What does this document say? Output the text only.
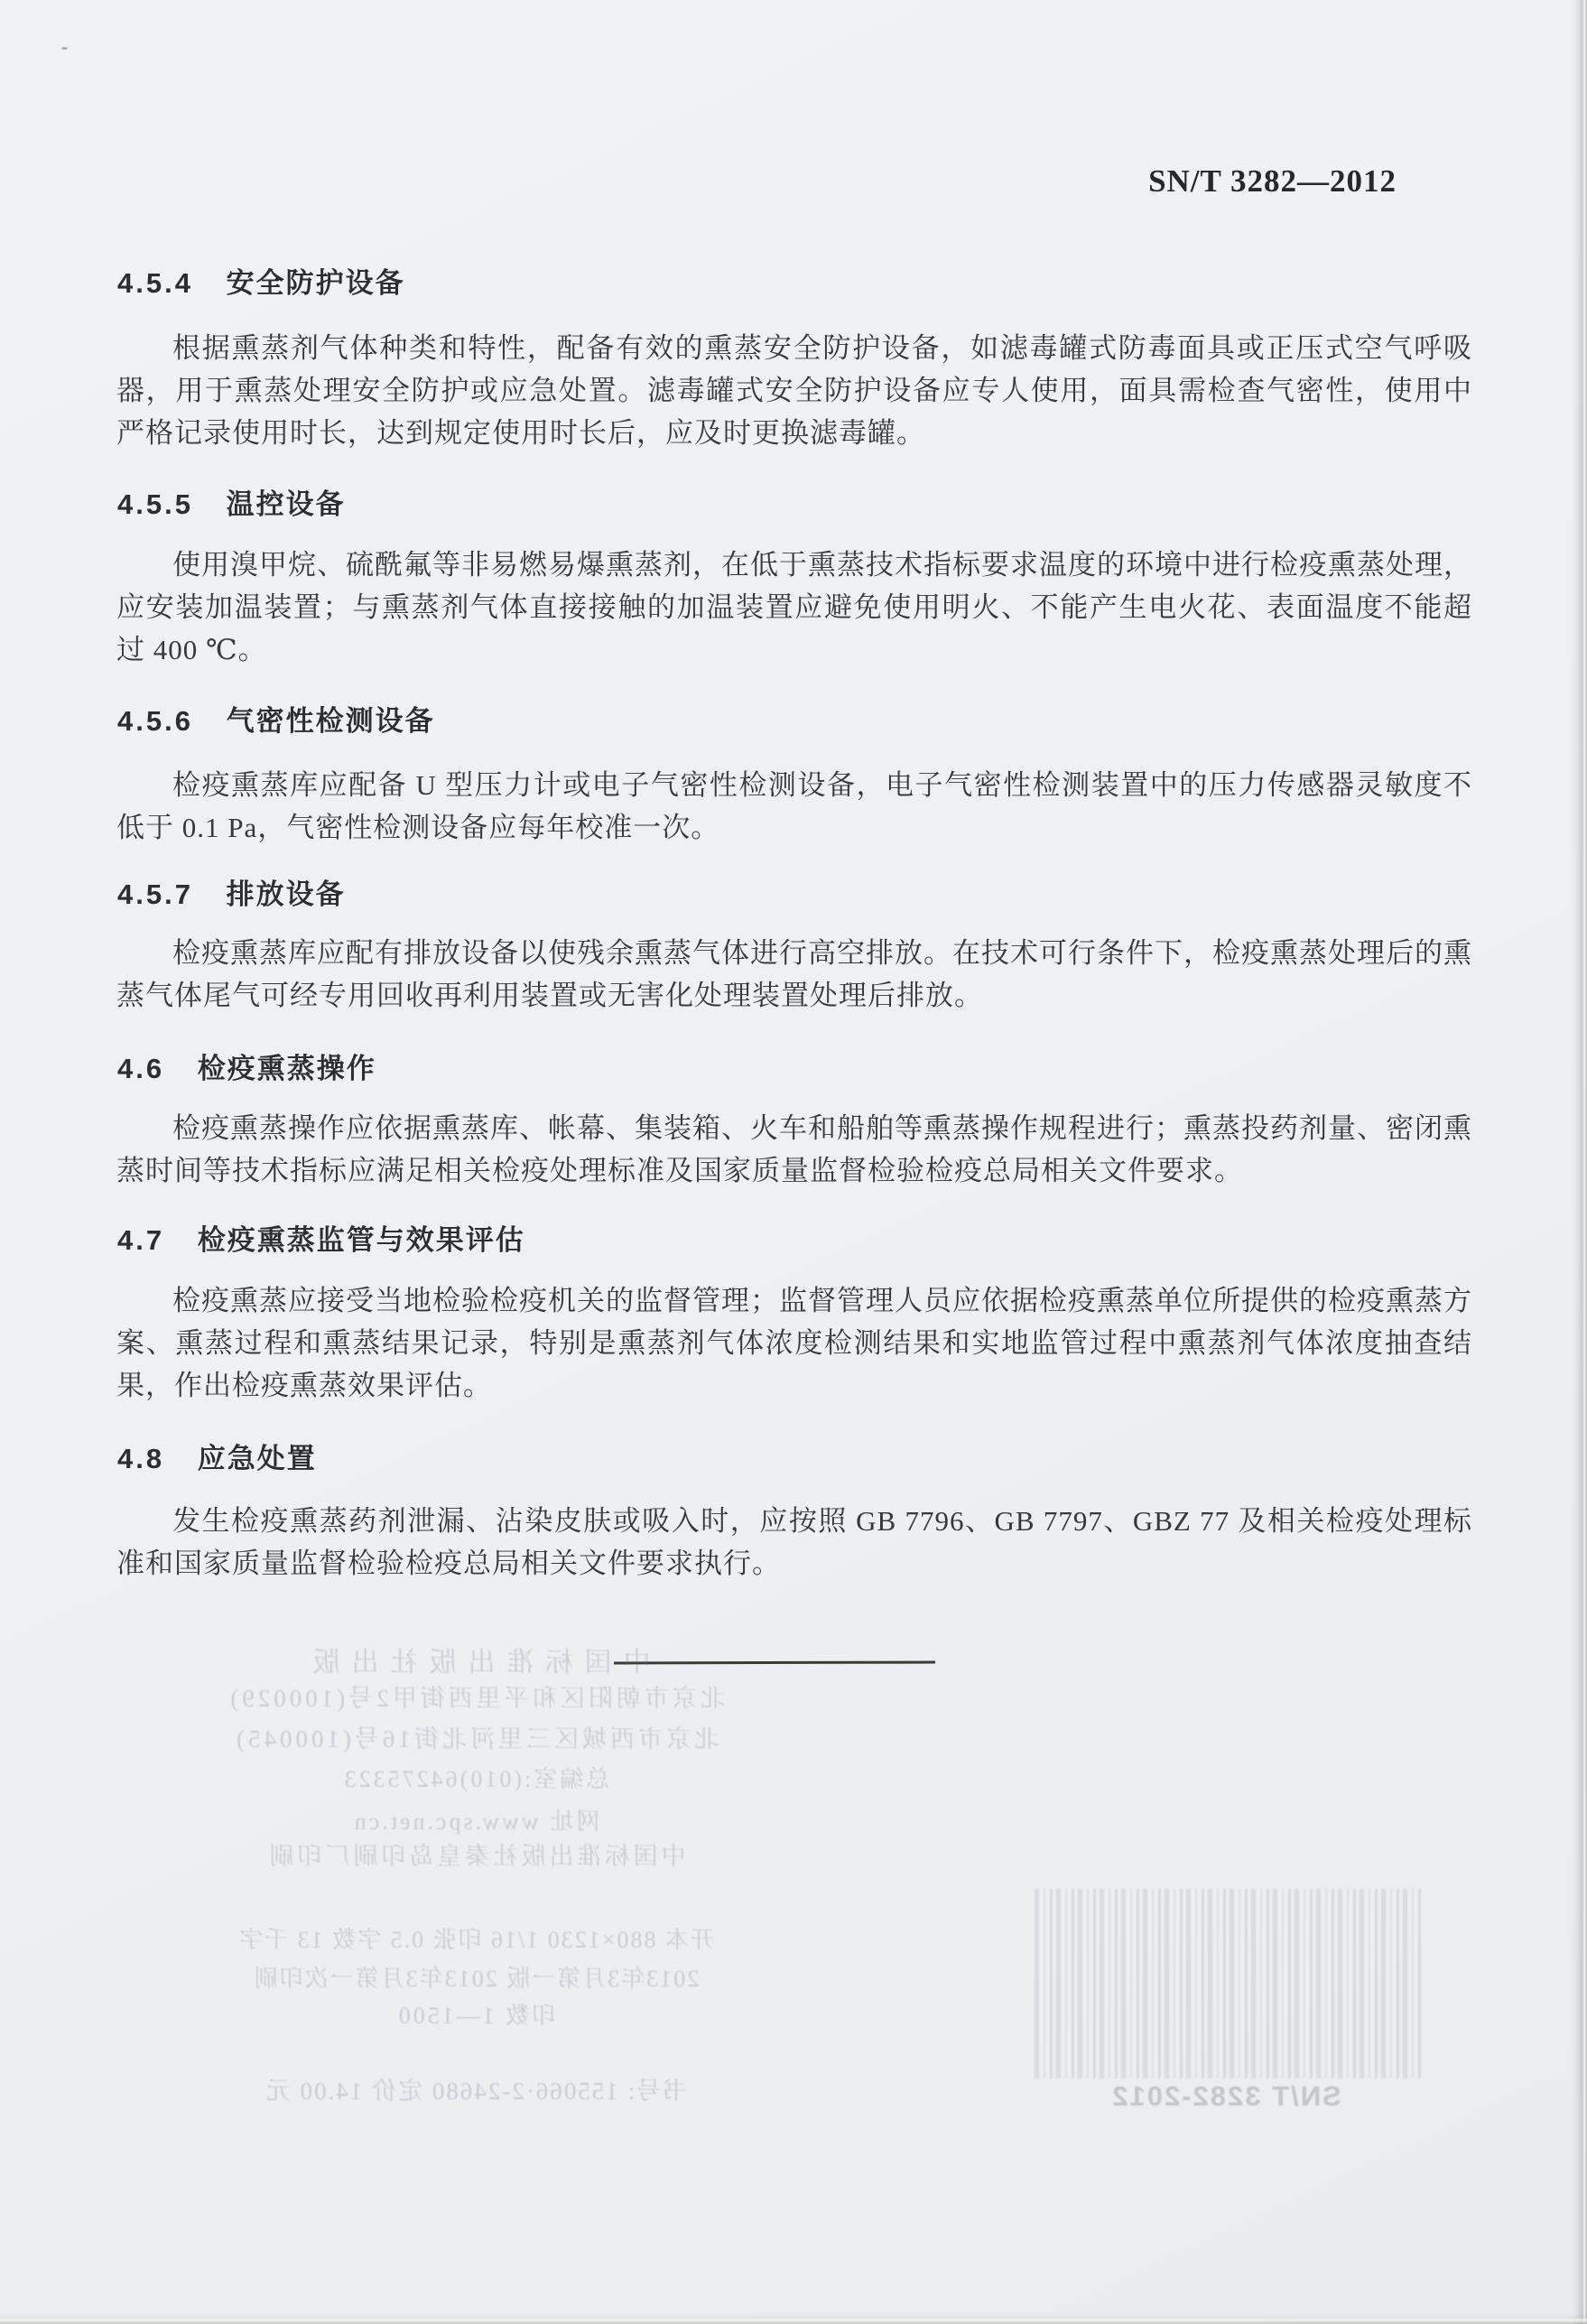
SN/T 3282—2012
4.5.4 安全防护设备

根据熏蒸剂气体种类和特性，配备有效的熏蒸安全防护设备，如滤毒罐式防毒面具或正压式空气呼吸器，用于熏蒸处理安全防护或应急处置。滤毒罐式安全防护设备应专人使用，面具需检查气密性，使用中严格记录使用时长，达到规定使用时长后，应及时更换滤毒罐。

4.5.5 温控设备

使用溴甲烷、硫酰氟等非易燃易爆熏蒸剂，在低于熏蒸技术指标要求温度的环境中进行检疫熏蒸处理，应安装加温装置；与熏蒸剂气体直接接触的加温装置应避免使用明火、不能产生电火花、表面温度不能超过 400 ℃。

4.5.6 气密性检测设备

检疫熏蒸库应配备 U 型压力计或电子气密性检测设备，电子气密性检测装置中的压力传感器灵敏度不低于 0.1 Pa，气密性检测设备应每年校准一次。

4.5.7 排放设备

检疫熏蒸库应配有排放设备以使残余熏蒸气体进行高空排放。在技术可行条件下，检疫熏蒸处理后的熏蒸气体尾气可经专用回收再利用装置或无害化处理装置处理后排放。

4.6 检疫熏蒸操作

检疫熏蒸操作应依据熏蒸库、帐幕、集装箱、火车和船舶等熏蒸操作规程进行；熏蒸投药剂量、密闭熏蒸时间等技术指标应满足相关检疫处理标准及国家质量监督检验检疫总局相关文件要求。

4.7 检疫熏蒸监管与效果评估

检疫熏蒸应接受当地检验检疫机关的监督管理；监督管理人员应依据检疫熏蒸单位所提供的检疫熏蒸方案、熏蒸过程和熏蒸结果记录，特别是熏蒸剂气体浓度检测结果和实地监管过程中熏蒸剂气体浓度抽查结果，作出检疫熏蒸效果评估。

4.8 应急处置

发生检疫熏蒸药剂泄漏、沾染皮肤或吸入时，应按照 GB 7796、GB 7797、GBZ 77 及相关检疫处理标准和国家质量监督检验检疫总局相关文件要求执行。

中国标准出版社出版
北京市朝阳区和平里西街甲2号(100029)
北京市西城区三里河北街16号(100045)
总编室:(010)64275323
网址 www.spc.net.cn
中国标准出版社秦皇岛印刷厂印刷
开本 880×1230 1/16 印张 0.5 字数 13 千字
2013年3月第一版 2013年3月第一次印刷
印数 1—1500
书号: 155066·2-24680 定价 14.00 元	SN/T 3282-2012
